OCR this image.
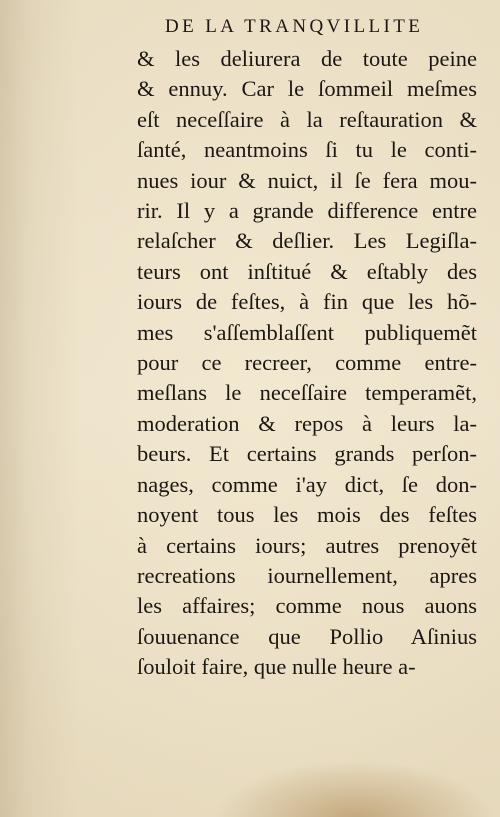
DE LA TRANQVILLITE
& les deliurera de toute peine
& ennuy. Car le ſommeil meſmes
eſt neceſſaire à la reſtauration &
ſanté, neantmoins ſi tu le conti-
nues iour & nuict, il ſe fera mou-
rir. Il y a grande difference entre
relaſcher & deſlier. Les Legiſla-
teurs ont inſtitué & eſtably des
iours de feſtes, à fin que les hõ-
mes s'aſſemblaſſent publiquemẽt
pour ce recreer, comme entre-
meſlans le neceſſaire temperamẽt,
moderation & repos à leurs la-
beurs. Et certains grands perſon-
nages, comme i'ay dict, ſe don-
noyent tous les mois des feſtes
à certains iours; autres prenoyẽt
recreations iournellement, apres
les affaires; comme nous auons
ſouuenance que Pollio Aſinius
ſouloit faire, que nulle heure a-
